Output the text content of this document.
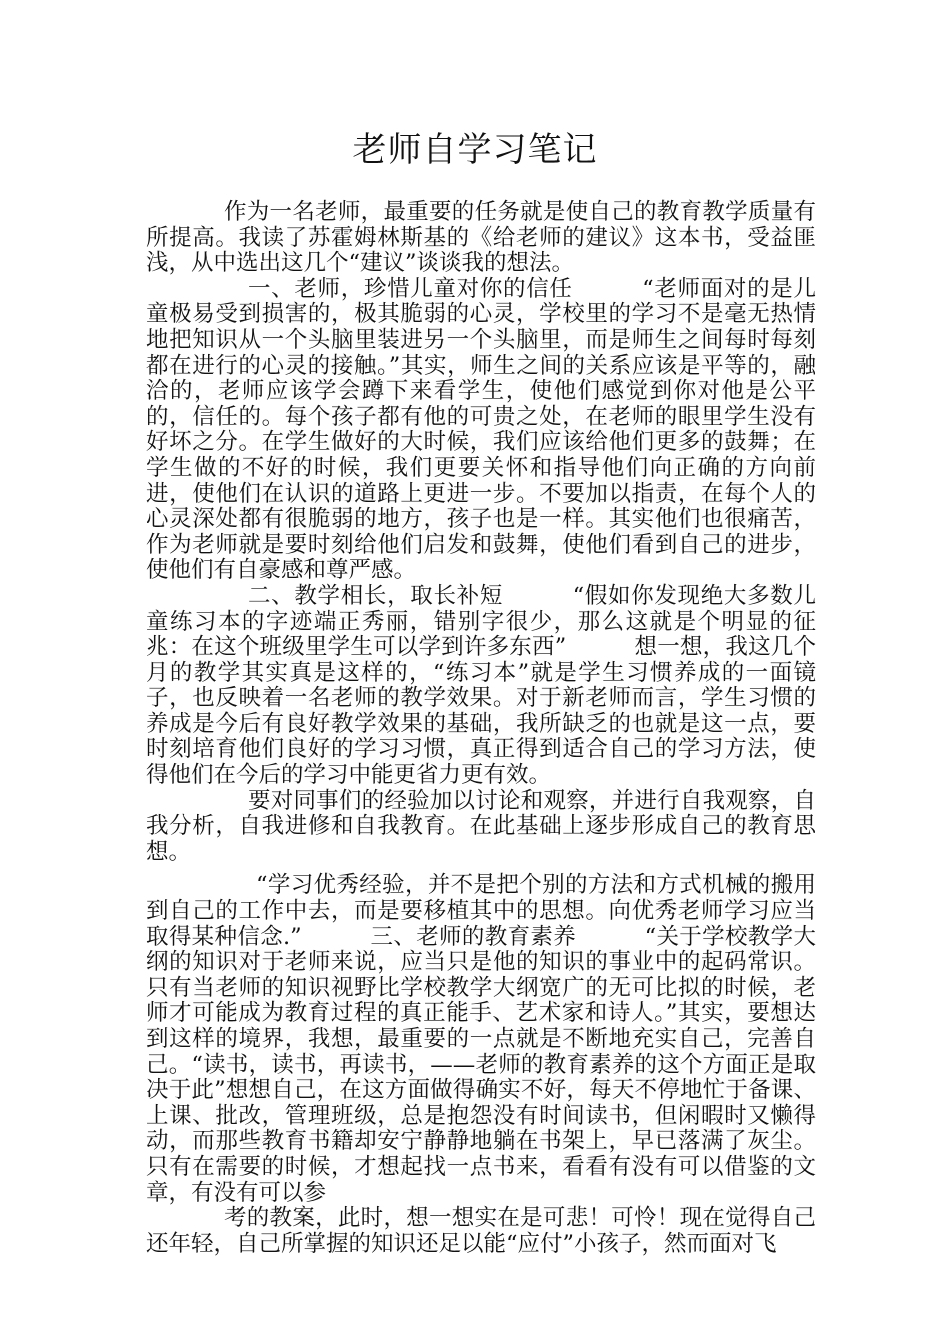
老师自学习笔记

作为一名老师，最重要的任务就是使自己的教育教学质量有所提高。我读了苏霍姆林斯基的《给老师的建议》这本书，受益匪浅，从中选出这几个“建议”谈谈我的想法。

一、老师，珍惜儿童对你的信任　　　“老师面对的是儿童极易受到损害的，极其脆弱的心灵，学校里的学习不是毫无热情地把知识从一个头脑里装进另一个头脑里，而是师生之间每时每刻都在进行的心灵的接触。”其实，师生之间的关系应该是平等的，融洽的，老师应该学会蹲下来看学生，使他们感觉到你对他是公平的，信任的。每个孩子都有他的可贵之处，在老师的眼里学生没有好坏之分。在学生做好的大时候，我们应该给他们更多的鼓舞；在学生做的不好的时候，我们更要关怀和指导他们向正确的方向前进，使他们在认识的道路上更进一步。不要加以指责，在每个人的心灵深处都有很脆弱的地方，孩子也是一样。其实他们也很痛苦，作为老师就是要时刻给他们启发和鼓舞，使他们看到自己的进步，使他们有自豪感和尊严感。

二、教学相长，取长补短　　　“假如你发现绝大多数儿童练习本的字迹端正秀丽，错别字很少，那么这就是个明显的征兆：在这个班级里学生可以学到许多东西”　　　想一想，我这几个月的教学其实真是这样的，“练习本”就是学生习惯养成的一面镜子，也反映着一名老师的教学效果。对于新老师而言，学生习惯的养成是今后有良好教学效果的基础，我所缺乏的也就是这一点，要时刻培育他们良好的学习习惯，真正得到适合自己的学习方法，使得他们在今后的学习中能更省力更有效。

要对同事们的经验加以讨论和观察，并进行自我观察，自我分析，自我进修和自我教育。在此基础上逐步形成自己的教育思想。

“学习优秀经验，并不是把个别的方法和方式机械的搬用到自己的工作中去，而是要移植其中的思想。向优秀老师学习应当取得某种信念.”　　　三、老师的教育素养　　　“关于学校教学大纲的知识对于老师来说，应当只是他的知识的事业中的起码常识。只有当老师的知识视野比学校教学大纲宽广的无可比拟的时候，老师才可能成为教育过程的真正能手、艺术家和诗人。”其实，要想达到这样的境界，我想，最重要的一点就是不断地充实自己，完善自己。“读书，读书，再读书，——老师的教育素养的这个方面正是取决于此”想想自己，在这方面做得确实不好，每天不停地忙于备课、上课、批改，管理班级，总是抱怨没有时间读书，但闲暇时又懒得动，而那些教育书籍却安宁静静地躺在书架上，早已落满了灰尘。只有在需要的时候，才想起找一点书来，看看有没有可以借鉴的文章，有没有可以参

考的教案，此时，想一想实在是可悲！可怜！现在觉得自己还年轻，自己所掌握的知识还足以能“应付”小孩子，然而面对飞
